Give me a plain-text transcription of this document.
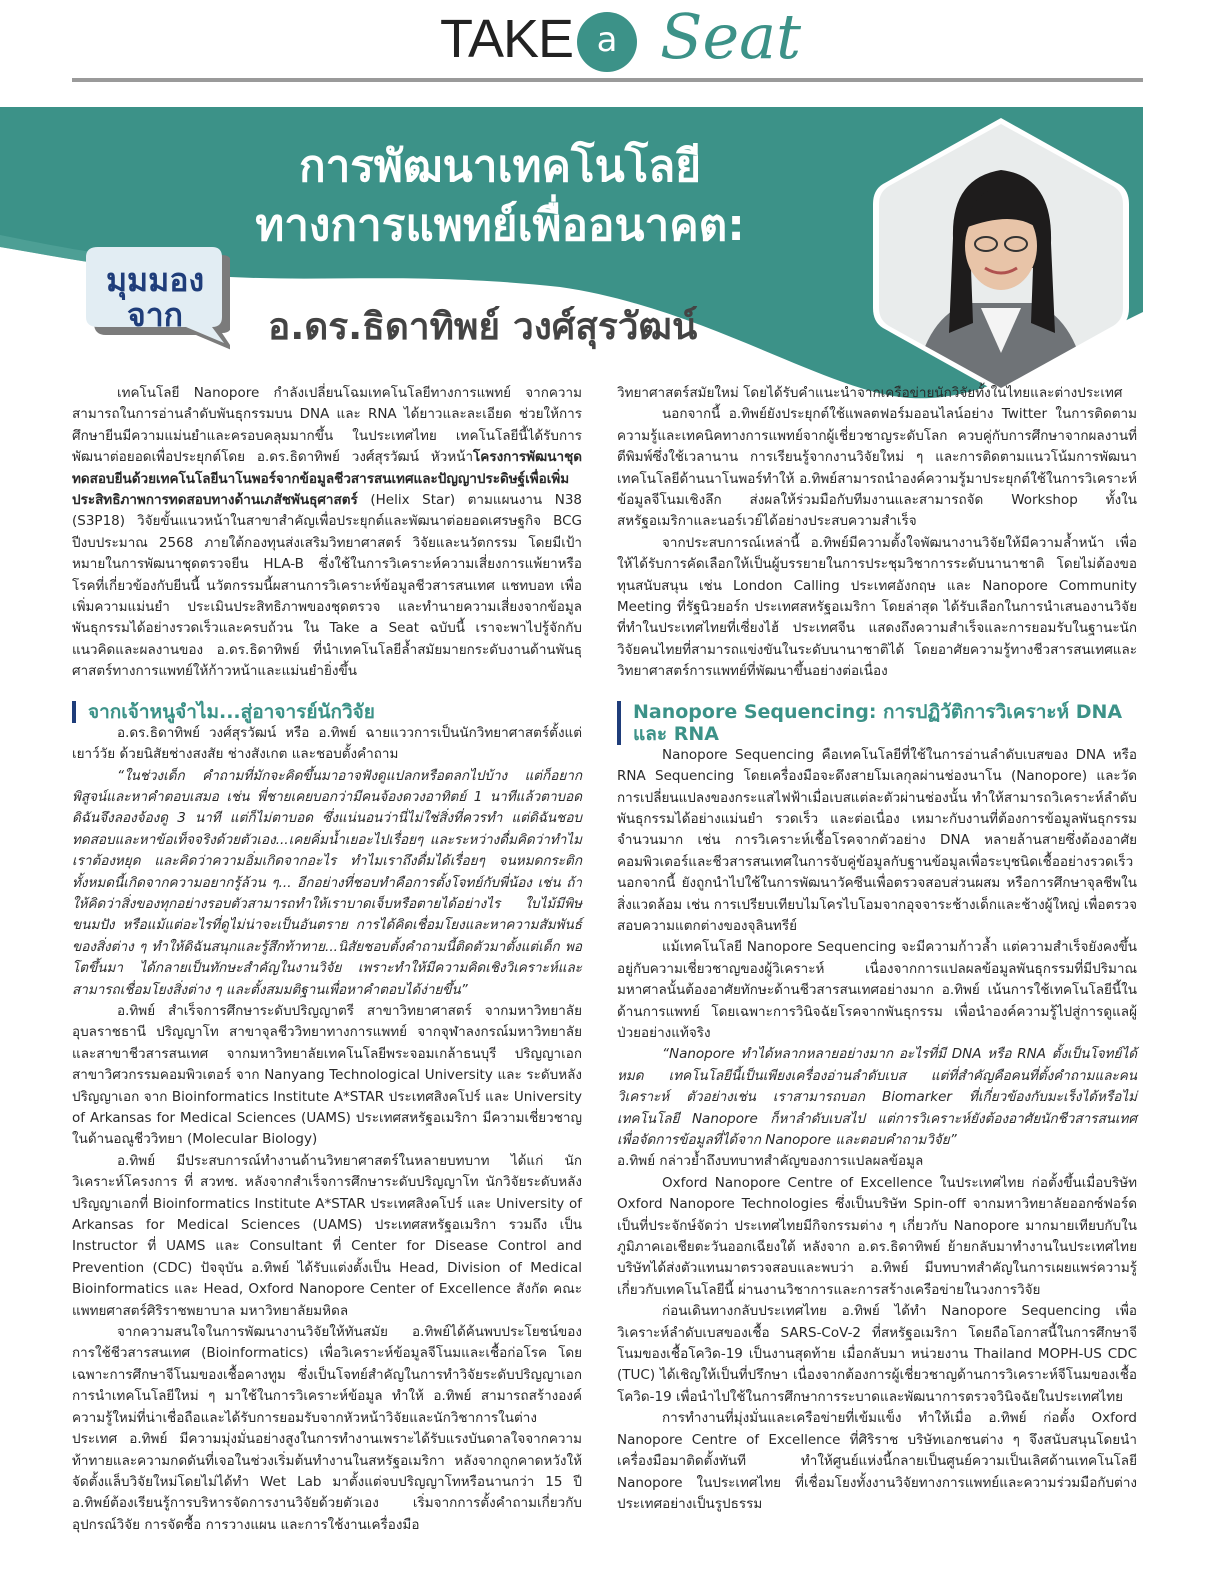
TAKE a Seat
การพัฒนาเทคโนโลยี
ทางการแพทย์เพื่ออนาคต:
มุมมอง
จาก	อ.ดร.ธิดาทิพย์ วงศ์สุรวัฒน์

เทคโนโลยี Nanopore กำลังเปลี่ยนโฉมเทคโนโลยีทางการแพทย์ จากความสามารถในการอ่านลำดับพันธุกรรมบน DNA และ RNA ได้ยาวและละเอียด ช่วยให้การศึกษายีนมีความแม่นยำและครอบคลุมมากขึ้น ในประเทศไทย เทคโนโลยีนี้ได้รับการพัฒนาต่อยอดเพื่อประยุกต์โดย อ.ดร.ธิดาทิพย์ วงศ์สุรวัฒน์ หัวหน้าโครงการพัฒนาชุดทดสอบยีนด้วยเทคโนโลยีนาโนพอร์จากข้อมูลชีวสารสนเทศและปัญญาประดิษฐ์เพื่อเพิ่มประสิทธิภาพการทดสอบทางด้านเภสัชพันธุศาสตร์ (Helix Star) ตามแผนงาน N38 (S3P18) วิจัยขั้นแนวหน้าในสาขาสำคัญเพื่อประยุกต์และพัฒนาต่อยอดเศรษฐกิจ BCG ปีงบประมาณ 2568 ภายใต้กองทุนส่งเสริมวิทยาศาสตร์ วิจัยและนวัตกรรม โดยมีเป้าหมายในการพัฒนาชุดตรวจยีน HLA-B ซึ่งใช้ในการวิเคราะห์ความเสี่ยงการแพ้ยาหรือโรคที่เกี่ยวข้องกับยีนนี้ นวัตกรรมนี้ผสานการวิเคราะห์ข้อมูลชีวสารสนเทศ แชทบอท เพื่อเพิ่มความแม่นยำ ประเมินประสิทธิภาพของชุดตรวจ และทำนายความเสี่ยงจากข้อมูลพันธุกรรมได้อย่างรวดเร็วและครบถ้วน ใน Take a Seat ฉบับนี้ เราจะพาไปรู้จักกับแนวคิดและผลงานของ อ.ดร.ธิดาทิพย์ ที่นำเทคโนโลยีล้ำสมัยมายกระดับงานด้านพันธุศาสตร์ทางการแพทย์ให้ก้าวหน้าและแม่นยำยิ่งขึ้น

จากเจ้าหนูจำไม...สู่อาจารย์นักวิจัย

อ.ดร.ธิดาทิพย์ วงศ์สุรวัฒน์ หรือ อ.ทิพย์ ฉายแววการเป็นนักวิทยาศาสตร์ตั้งแต่เยาว์วัย ด้วยนิสัยช่างสงสัย ช่างสังเกต และชอบตั้งคำถาม

“ในช่วงเด็ก คำถามที่มักจะคิดขึ้นมาอาจฟังดูแปลกหรือตลกไปบ้าง แต่ก็อยากพิสูจน์และหาคำตอบเสมอ เช่น พี่ชายเคยบอกว่ามีคนจ้องดวงอาทิตย์ 1 นาทีแล้วตาบอด ดิฉันจึงลองจ้องดู 3 นาที แต่ก็ไม่ตาบอด ซึ่งแน่นอนว่านี่ไม่ใช่สิ่งที่ควรทำ แต่ดิฉันชอบทดสอบและหาข้อเท็จจริงด้วยตัวเอง...เคยคิ่มน้ำเยอะไปเรื่อยๆ และระหว่างดื่มคิดว่าทำไมเราต้องหยุด และคิดว่าความอิ่มเกิดจากอะไร ทำไมเราถึงดื่มได้เรื่อยๆ จนหมดกระติกทั้งหมดนี้เกิดจากความอยากรู้ล้วน ๆ... อีกอย่างที่ชอบทำคือการตั้งโจทย์กับพี่น้อง เช่น ถ้าให้คิดว่าสิ่งของทุกอย่างรอบตัวสามารถทำให้เราบาดเจ็บหรือตายได้อย่างไร ใบไม้มีพิษ ขนมปัง หรือแม้แต่อะไรที่ดูไม่น่าจะเป็นอันตราย การได้คิดเชื่อมโยงและหาความสัมพันธ์ของสิ่งต่าง ๆ ทำให้ดิฉันสนุกและรู้สึกท้าทาย...นิสัยชอบตั้งคำถามนี้ติดตัวมาตั้งแต่เด็ก พอโตขึ้นมา ได้กลายเป็นทักษะสำคัญในงานวิจัย เพราะทำให้มีความคิดเชิงวิเคราะห์และสามารถเชื่อมโยงสิ่งต่าง ๆ และตั้งสมมติฐานเพื่อหาคำตอบได้ง่ายขึ้น”

อ.ทิพย์ สำเร็จการศึกษาระดับปริญญาตรี สาขาวิทยาศาสตร์ จากมหาวิทยาลัยอุบลราชธานี ปริญญาโท สาขาจุลชีววิทยาทางการแพทย์ จากจุฬาลงกรณ์มหาวิทยาลัย และสาขาชีวสารสนเทศ จากมหาวิทยาลัยเทคโนโลยีพระจอมเกล้าธนบุรี ปริญญาเอกสาขาวิศวกรรมคอมพิวเตอร์ จาก Nanyang Technological University และ ระดับหลังปริญญาเอก จาก Bioinformatics Institute A*STAR ประเทศสิงคโปร์ และ University of Arkansas for Medical Sciences (UAMS) ประเทศสหรัฐอเมริกา มีความเชี่ยวชาญในด้านอณูชีววิทยา (Molecular Biology)

อ.ทิพย์ มีประสบการณ์ทำงานด้านวิทยาศาสตร์ในหลายบทบาท ได้แก่ นักวิเคราะห์โครงการ ที่ สวทช. หลังจากสำเร็จการศึกษาระดับปริญญาโท นักวิจัยระดับหลังปริญญาเอกที่ Bioinformatics Institute A*STAR ประเทศสิงคโปร์ และ University of Arkansas for Medical Sciences (UAMS) ประเทศสหรัฐอเมริกา รวมถึง เป็น Instructor ที่ UAMS และ Consultant ที่ Center for Disease Control and Prevention (CDC) ปัจจุบัน อ.ทิพย์ ได้รับแต่งตั้งเป็น Head, Division of Medical Bioinformatics และ Head, Oxford Nanopore Center of Excellence สังกัด คณะแพทยศาสตร์ศิริราชพยาบาล มหาวิทยาลัยมหิดล

จากความสนใจในการพัฒนางานวิจัยให้ทันสมัย อ.ทิพย์ได้ค้นพบประโยชน์ของการใช้ชีวสารสนเทศ (Bioinformatics) เพื่อวิเคราะห์ข้อมูลจีโนมและเชื้อก่อโรค โดยเฉพาะการศึกษาจีโนมของเชื้อคางทูม ซึ่งเป็นโจทย์สำคัญในการทำวิจัยระดับปริญญาเอก การนำเทคโนโลยีใหม่ ๆ มาใช้ในการวิเคราะห์ข้อมูล ทำให้ อ.ทิพย์ สามารถสร้างองค์ความรู้ใหม่ที่น่าเชื่อถือและได้รับการยอมรับจากหัวหน้าวิจัยและนักวิชาการในต่างประเทศ อ.ทิพย์ มีความมุ่งมั่นอย่างสูงในการทำงานเพราะได้รับแรงบันดาลใจจากความท้าทายและความกดดันที่เจอในช่วงเริ่มต้นทำงานในสหรัฐอเมริกา หลังจากถูกคาดหวังให้จัดตั้งแล็บวิจัยใหม่โดยไม่ได้ทำ Wet Lab มาตั้งแต่จบปริญญาโทหรือนานกว่า 15 ปี อ.ทิพย์ต้องเรียนรู้การบริหารจัดการงานวิจัยด้วยตัวเอง เริ่มจากการตั้งคำถามเกี่ยวกับอุปกรณ์วิจัย การจัดซื้อ การวางแผน และการใช้งานเครื่องมือ

วิทยาศาสตร์สมัยใหม่ โดยได้รับคำแนะนำจากเครือข่ายนักวิจัยทั้งในไทยและต่างประเทศ

นอกจากนี้ อ.ทิพย์ยังประยุกต์ใช้แพลตฟอร์มออนไลน์อย่าง Twitter ในการติดตามความรู้และเทคนิคทางการแพทย์จากผู้เชี่ยวชาญระดับโลก ควบคู่กับการศึกษาจากผลงานที่ตีพิมพ์ซึ่งใช้เวลานาน การเรียนรู้จากงานวิจัยใหม่ ๆ และการติดตามแนวโน้มการพัฒนาเทคโนโลยีด้านนาโนพอร์ทำให้ อ.ทิพย์สามารถนำองค์ความรู้มาประยุกต์ใช้ในการวิเคราะห์ข้อมูลจีโนมเชิงลึก ส่งผลให้ร่วมมือกับทีมงานและสามารถจัด Workshop ทั้งในสหรัฐอเมริกาและนอร์เวย์ได้อย่างประสบความสำเร็จ

จากประสบการณ์เหล่านี้ อ.ทิพย์มีความตั้งใจพัฒนางานวิจัยให้มีความล้ำหน้า เพื่อให้ได้รับการคัดเลือกให้เป็นผู้บรรยายในการประชุมวิชาการระดับนานาชาติ โดยไม่ต้องขอทุนสนับสนุน เช่น London Calling ประเทศอังกฤษ และ Nanopore Community Meeting ที่รัฐนิวยอร์ก ประเทศสหรัฐอเมริกา โดยล่าสุด ได้รับเลือกในการนำเสนองานวิจัยที่ทำในประเทศไทยที่เซี่ยงไฮ้ ประเทศจีน แสดงถึงความสำเร็จและการยอมรับในฐานะนักวิจัยคนไทยที่สามารถแข่งขันในระดับนานาชาติได้ โดยอาศัยความรู้ทางชีวสารสนเทศและวิทยาศาสตร์การแพทย์ที่พัฒนาขึ้นอย่างต่อเนื่อง

Nanopore Sequencing: การปฏิวัติการวิเคราะห์ DNA และ RNA

Nanopore Sequencing คือเทคโนโลยีที่ใช้ในการอ่านลำดับเบสของ DNA หรือ RNA Sequencing โดยเครื่องมือจะดึงสายโมเลกุลผ่านช่องนาโน (Nanopore) และวัดการเปลี่ยนแปลงของกระแสไฟฟ้าเมื่อเบสแต่ละตัวผ่านช่องนั้น ทำให้สามารถวิเคราะห์ลำดับพันธุกรรมได้อย่างแม่นยำ รวดเร็ว และต่อเนื่อง เหมาะกับงานที่ต้องการข้อมูลพันธุกรรมจำนวนมาก เช่น การวิเคราะห์เชื้อโรคจากตัวอย่าง DNA หลายล้านสายซึ่งต้องอาศัยคอมพิวเตอร์และชีวสารสนเทศในการจับคู่ข้อมูลกับฐานข้อมูลเพื่อระบุชนิดเชื้ออย่างรวดเร็ว นอกจากนี้ ยังถูกนำไปใช้ในการพัฒนาวัคซีนเพื่อตรวจสอบส่วนผสม หรือการศึกษาจุลชีพในสิ่งแวดล้อม เช่น การเปรียบเทียบไมโครไบโอมจากอุจจาระช้างเด็กและช้างผู้ใหญ่ เพื่อตรวจสอบความแตกต่างของจุลินทรีย์

แม้เทคโนโลยี Nanopore Sequencing จะมีความก้าวล้ำ แต่ความสำเร็จยังคงขึ้นอยู่กับความเชี่ยวชาญของผู้วิเคราะห์ เนื่องจากการแปลผลข้อมูลพันธุกรรมที่มีปริมาณมหาศาลนั้นต้องอาศัยทักษะด้านชีวสารสนเทศอย่างมาก อ.ทิพย์ เน้นการใช้เทคโนโลยีนี้ในด้านการแพทย์ โดยเฉพาะการวินิจฉัยโรคจากพันธุกรรม เพื่อนำองค์ความรู้ไปสู่การดูแลผู้ป่วยอย่างแท้จริง

“Nanopore ทำได้หลากหลายอย่างมาก อะไรที่มี DNA หรือ RNA ตั้งเป็นโจทย์ได้หมด เทคโนโลยีนี้เป็นเพียงเครื่องอ่านลำดับเบส แต่ที่สำคัญคือคนที่ตั้งคำถามและคนวิเคราะห์ ตัวอย่างเช่น เราสามารถบอก Biomarker ที่เกี่ยวข้องกับมะเร็งได้หรือไม่ เทคโนโลยี Nanopore ก็หาลำดับเบสไป แต่การวิเคราะห์ยังต้องอาศัยนักชีวสารสนเทศ เพื่อจัดการข้อมูลที่ได้จาก Nanopore และตอบคำถามวิจัย”

อ.ทิพย์ กล่าวย้ำถึงบทบาทสำคัญของการแปลผลข้อมูล

Oxford Nanopore Centre of Excellence ในประเทศไทย ก่อตั้งขึ้นเมื่อบริษัท Oxford Nanopore Technologies ซึ่งเป็นบริษัท Spin-off จากมหาวิทยาลัยออกซ์ฟอร์ด เป็นที่ประจักษ์จัดว่า ประเทศไทยมีกิจกรรมต่าง ๆ เกี่ยวกับ Nanopore มากมายเทียบกับในภูมิภาคเอเชียตะวันออกเฉียงใต้ หลังจาก อ.ดร.ธิดาทิพย์ ย้ายกลับมาทำงานในประเทศไทย บริษัทได้ส่งตัวแทนมาตรวจสอบและพบว่า อ.ทิพย์ มีบทบาทสำคัญในการเผยแพร่ความรู้เกี่ยวกับเทคโนโลยีนี้ ผ่านงานวิชาการและการสร้างเครือข่ายในวงการวิจัย

ก่อนเดินทางกลับประเทศไทย อ.ทิพย์ ได้ทำ Nanopore Sequencing เพื่อวิเคราะห์ลำดับเบสของเชื้อ SARS-CoV-2 ที่สหรัฐอเมริกา โดยถือโอกาสนี้ในการศึกษาจีโนมของเชื้อโควิด-19 เป็นงานสุดท้าย เมื่อกลับมา หน่วยงาน Thailand MOPH-US CDC (TUC) ได้เชิญให้เป็นที่ปรึกษา เนื่องจากต้องการผู้เชี่ยวชาญด้านการวิเคราะห์จีโนมของเชื้อโควิด-19 เพื่อนำไปใช้ในการศึกษาการระบาดและพัฒนาการตรวจวินิจฉัยในประเทศไทย

การทำงานที่มุ่งมั่นและเครือข่ายที่เข้มแข็ง ทำให้เมื่อ อ.ทิพย์ ก่อตั้ง Oxford Nanopore Centre of Excellence ที่ศิริราช บริษัทเอกชนต่าง ๆ จึงสนับสนุนโดยนำเครื่องมือมาติดตั้งทันที ทำให้ศูนย์แห่งนี้กลายเป็นศูนย์ความเป็นเลิศด้านเทคโนโลยี Nanopore ในประเทศไทย ที่เชื่อมโยงทั้งงานวิจัยทางการแพทย์และความร่วมมือกับต่างประเทศอย่างเป็นรูปธรรม
